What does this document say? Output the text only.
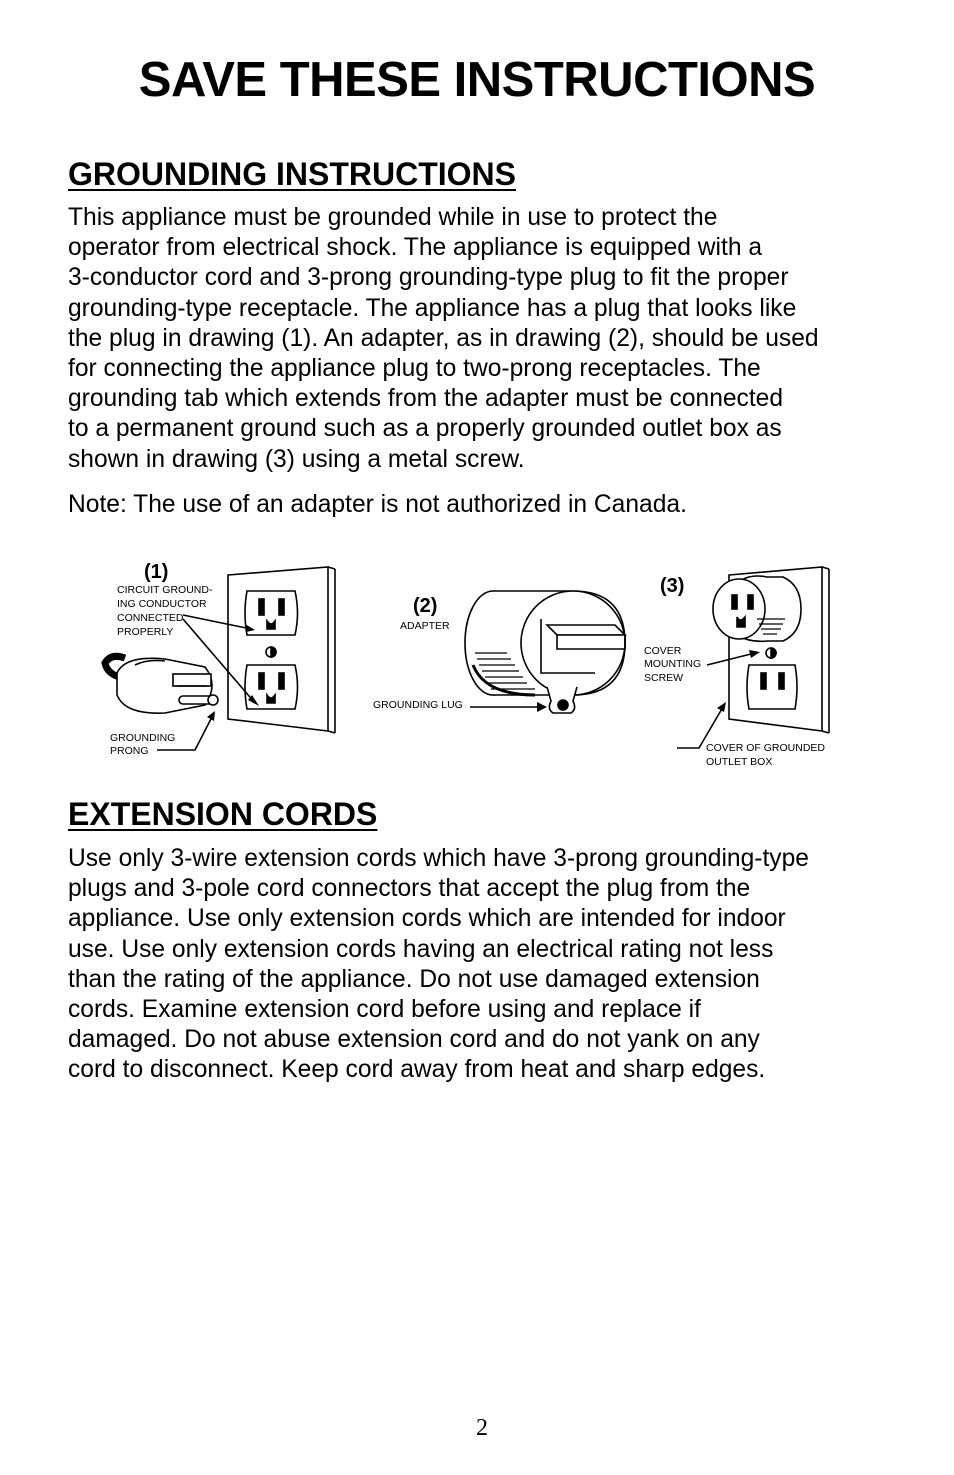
SAVE THESE INSTRUCTIONS
GROUNDING INSTRUCTIONS
This appliance must be grounded while in use to protect the
operator from electrical shock. The appliance is equipped with a
3-conductor cord and 3-prong grounding-type plug to fit the proper
grounding-type receptacle. The appliance has a plug that looks like
the plug in drawing (1). An adapter, as in drawing (2), should be used
for connecting the appliance plug to two-prong receptacles. The
grounding tab which extends from the adapter must be connected
to a permanent ground such as a properly grounded outlet box as
shown in drawing (3) using a metal screw.

Note: The use of an adapter is not authorized in Canada.

(1)
CIRCUIT GROUND- ING CONDUCTOR CONNECTED PROPERLY
GROUNDING PRONG
(2)
ADAPTER
GROUNDING LUG
(3)
COVER MOUNTING SCREW
COVER OF GROUNDED OUTLET BOX
EXTENSION CORDS
Use only 3-wire extension cords which have 3-prong grounding-type
plugs and 3-pole cord connectors that accept the plug from the
appliance. Use only extension cords which are intended for indoor
use. Use only extension cords having an electrical rating not less
than the rating of the appliance. Do not use damaged extension
cords. Examine extension cord before using and replace if
damaged. Do not abuse extension cord and do not yank on any
cord to disconnect. Keep cord away from heat and sharp edges.
2
